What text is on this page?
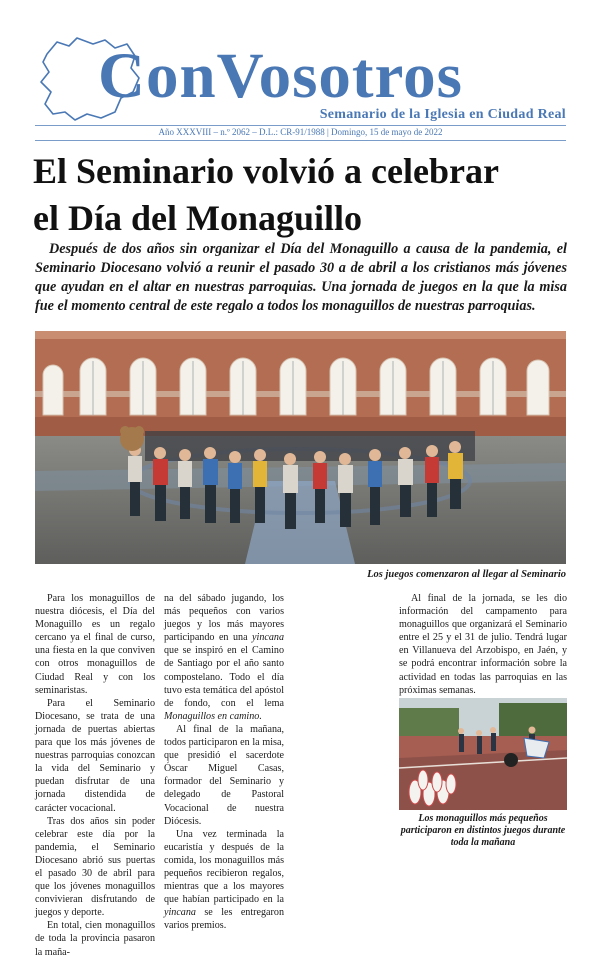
ConVosotros
Semanario de la Iglesia en Ciudad Real
Año XXXVIII – n.º 2062 – D.L.: CR-91/1988 | Domingo, 15 de mayo de 2022
El Seminario volvió a celebrar
el Día del Monaguillo

Después de dos años sin organizar el Día del Monaguillo a causa de la pandemia, el Seminario Diocesano volvió a reunir el pasado 30 a de abril a los cristianos más jóvenes que ayudan en el altar en nuestras parroquias. Una jornada de juegos en la que la misa fue el momento central de este regalo a todos los monaguillos de nuestras parroquias.

Los juegos comenzaron al llegar al Seminario

Para los monaguillos de nuestra diócesis, el Día del Monaguillo es un regalo cercano ya el final de curso, una fiesta en la que conviven con otros monaguillos de Ciudad Real y con los seminaristas.

Para el Seminario Diocesano, se trata de una jornada de puertas abiertas para que los más jóvenes de nuestras parroquias conozcan la vida del Seminario y puedan disfrutar de una jornada distendida de carácter vocacional.

Tras dos años sin poder celebrar este día por la pandemia, el Seminario Diocesano abrió sus puertas el pasado 30 de abril para que los jóvenes monaguillos convivieran disfrutando de juegos y deporte.

En total, cien monaguillos de toda la provincia pasaron la maña-

na del sábado jugando, los más pequeños con varios juegos y los más mayores participando en una yincana que se inspiró en el Camino de Santiago por el año santo compostelano. Todo el día tuvo esta temática del apóstol de fondo, con el lema Monaguillos en camino.

Al final de la mañana, todos participaron en la misa, que presidió el sacerdote Óscar Miguel Casas, formador del Seminario y delegado de Pastoral Vocacional de nuestra Diócesis.

Una vez terminada la eucaristía y después de la comida, los monaguillos más pequeños recibieron regalos, mientras que a los mayores que habían participado en la yincana se les entregaron varios premios.

Al final de la jornada, se les dio información del campamento para monaguillos que organizará el Seminario entre el 25 y el 31 de julio. Tendrá lugar en Villanueva del Arzobispo, en Jaén, y se podrá encontrar información sobre la actividad en todas las parroquias en las próximas semanas.

Los monaguillos más pequeños participaron en distintos juegos durante toda la mañana
